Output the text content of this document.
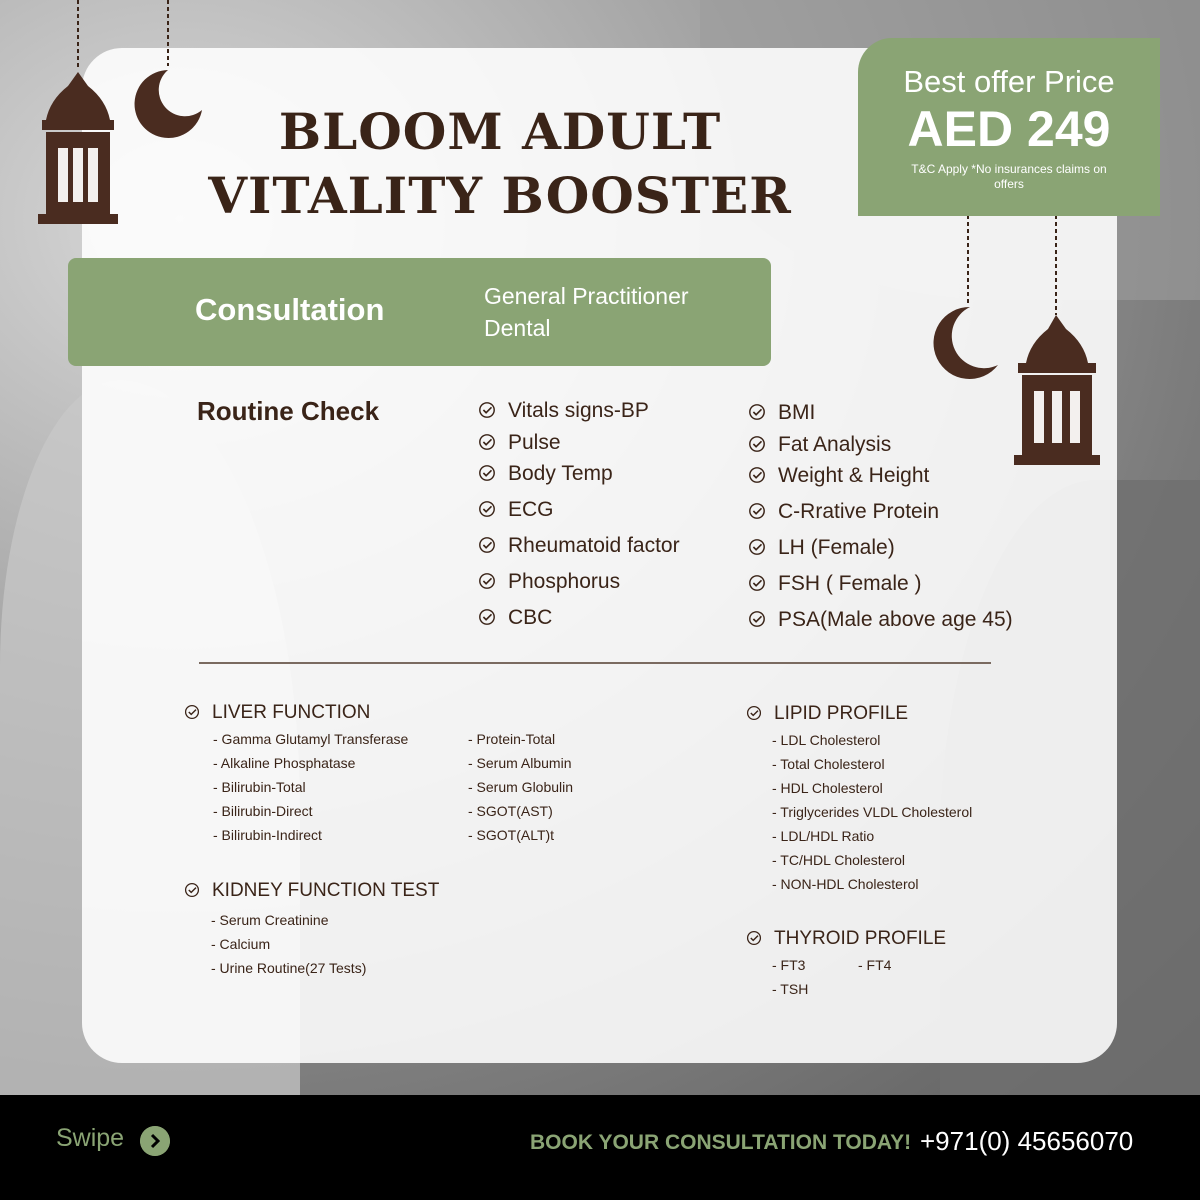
BLOOM ADULT
VITALITY BOOSTER
Best offer Price
AED 249
T&C Apply *No insurances claims on offers
Consultation	General Practitioner
Dental
Routine Check	Vitals signs-BP
Pulse
Body Temp
ECG
Rheumatoid factor
Phosphorus
CBC
BMI
Fat Analysis
Weight & Height
C-Rrative Protein
LH (Female)
FSH ( Female )
PSA(Male above age 45)
LIVER FUNCTION
- Gamma Glutamyl Transferase
- Alkaline Phosphatase
- Bilirubin-Total
- Bilirubin-Direct
- Bilirubin-Indirect
- Protein-Total
- Serum Albumin
- Serum Globulin
- SGOT(AST)
- SGOT(ALT)t
KIDNEY FUNCTION TEST
- Serum Creatinine
- Calcium
- Urine Routine(27 Tests)
LIPID PROFILE
- LDL Cholesterol
- Total Cholesterol
- HDL Cholesterol
- Triglycerides VLDL Cholesterol
- LDL/HDL Ratio
- TC/HDL Cholesterol
- NON-HDL Cholesterol
THYROID PROFILE
- FT3	- FT4
- TSH
Swipe	BOOK YOUR CONSULTATION TODAY! +971(0) 45656070
